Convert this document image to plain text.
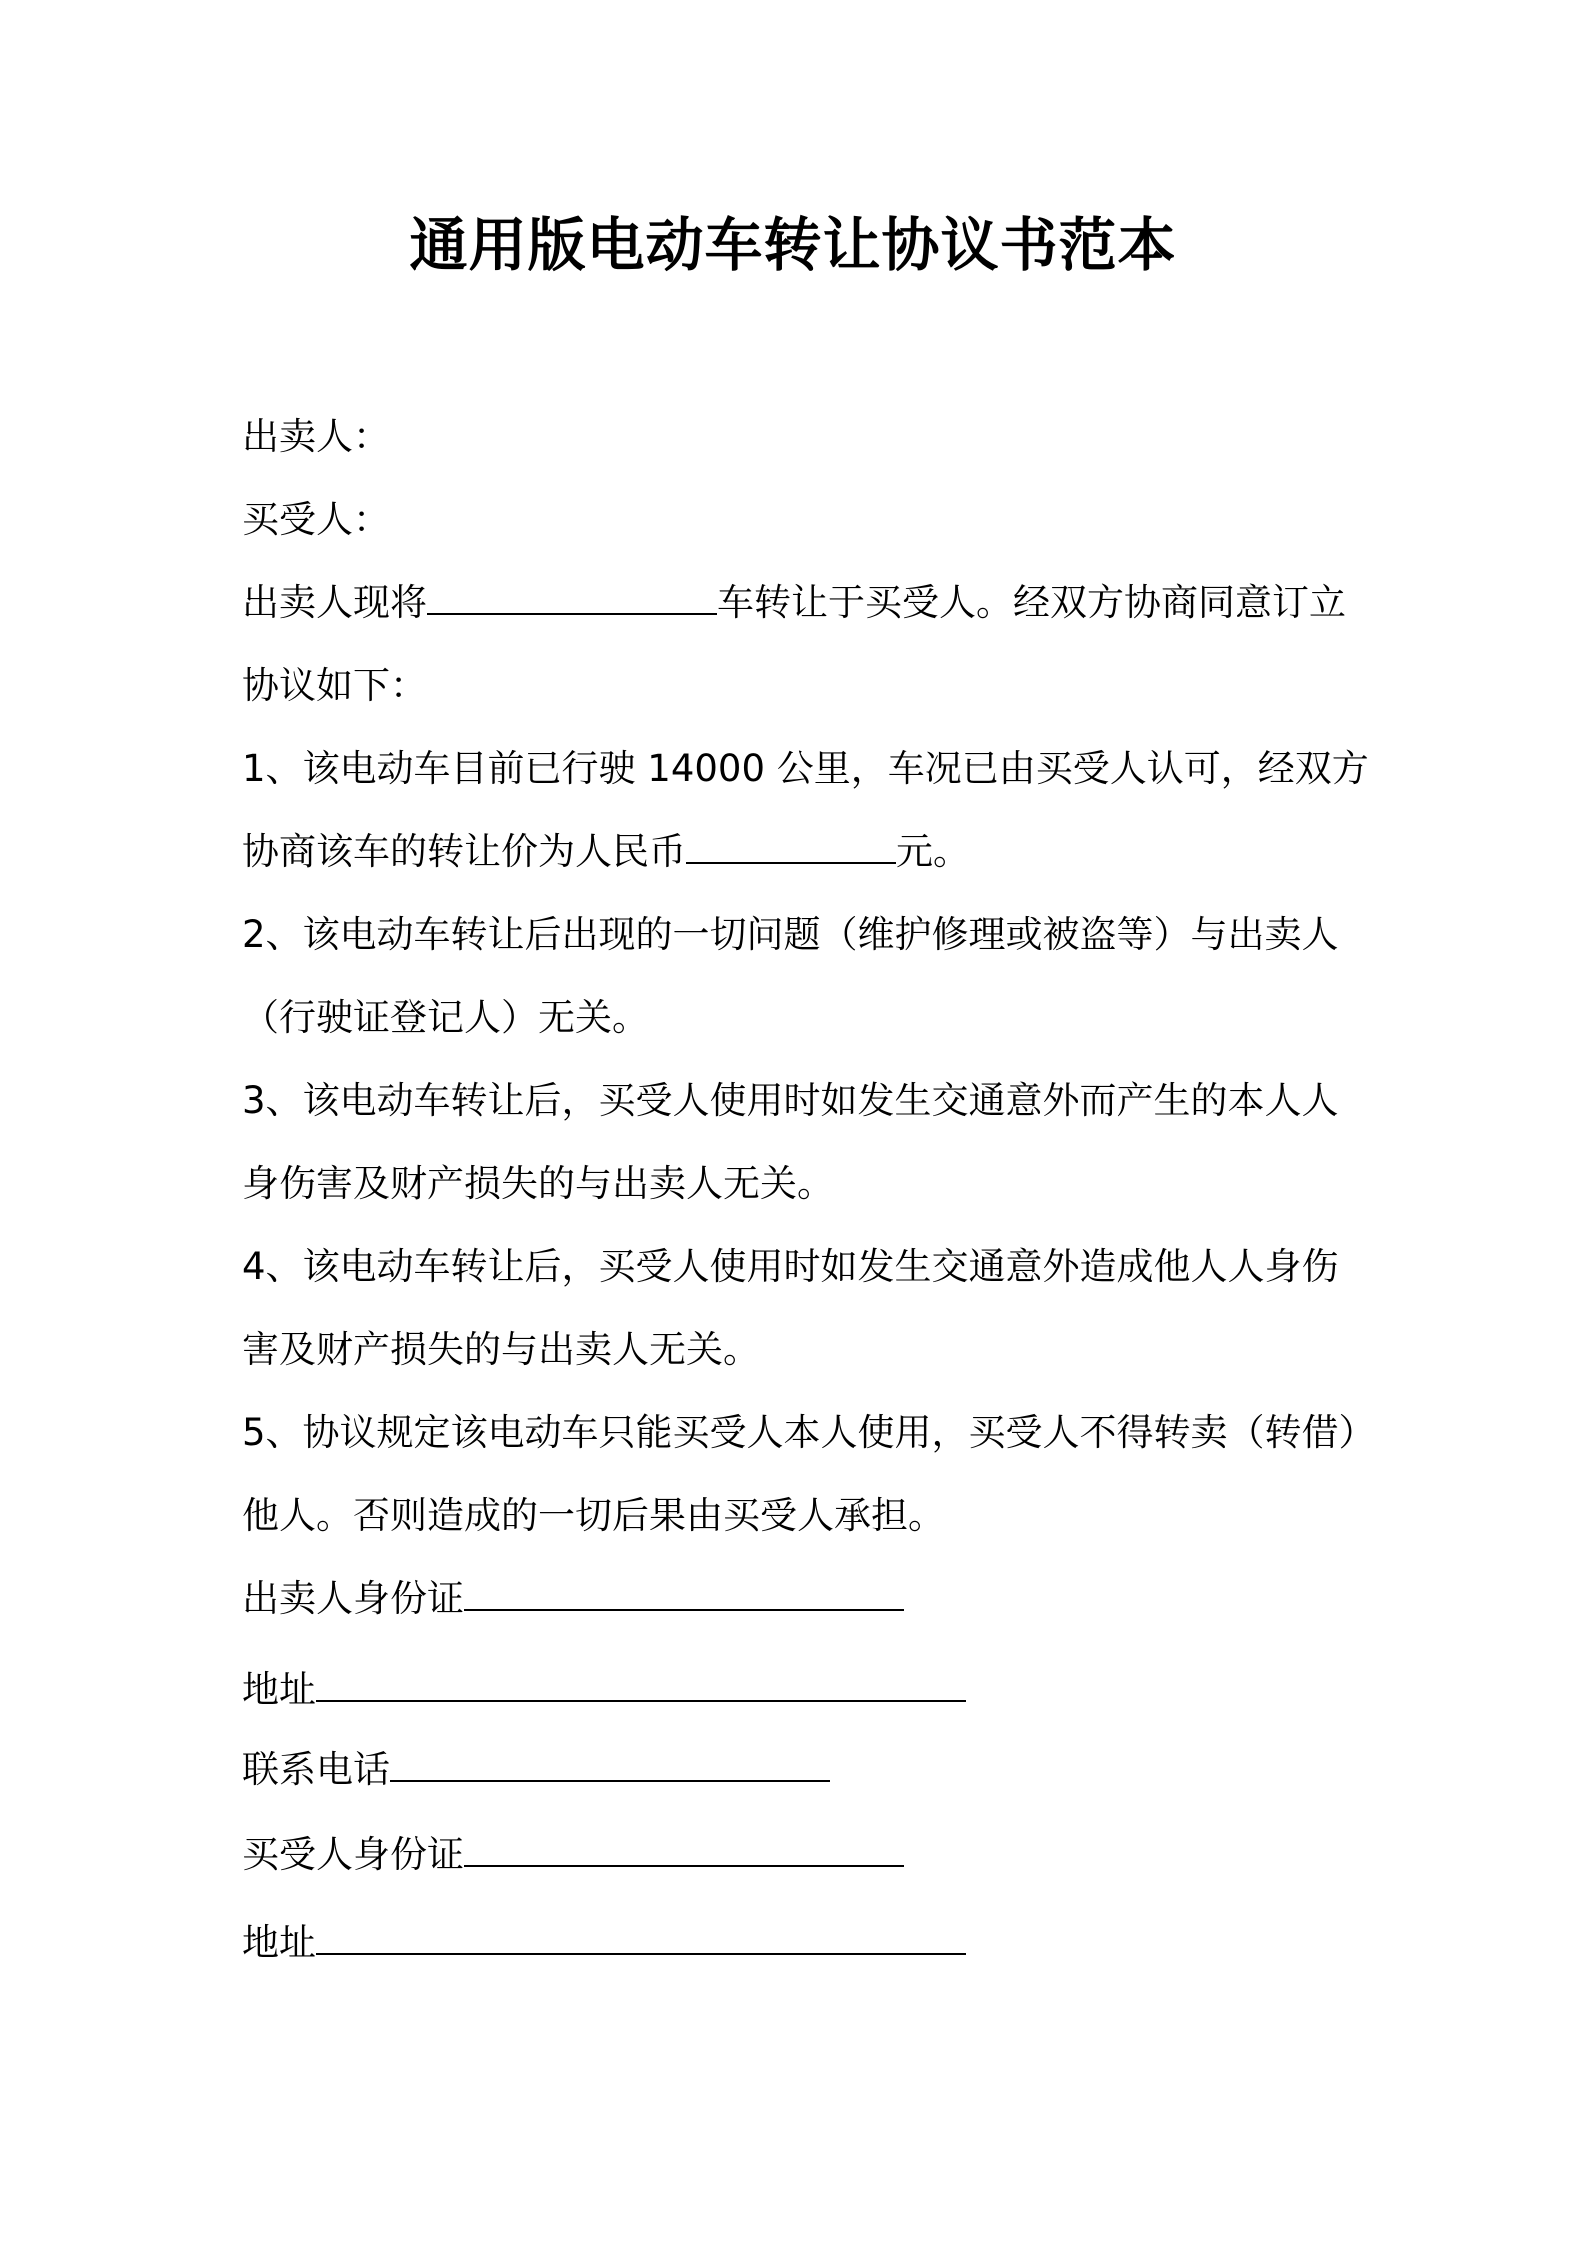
通用版电动车转让协议书范本
出卖人：
买受人：
出卖人现将	车转让于买受人。经双方协商同意订立
协议如下：
1、该电动车目前已行驶 14000 公里，车况已由买受人认可，经双方
协商该车的转让价为人民币	元。
2、该电动车转让后出现的一切问题（维护修理或被盗等）与出卖人
（行驶证登记人）无关。
3、该电动车转让后，买受人使用时如发生交通意外而产生的本人人
身伤害及财产损失的与出卖人无关。
4、该电动车转让后，买受人使用时如发生交通意外造成他人人身伤
害及财产损失的与出卖人无关。
5、协议规定该电动车只能买受人本人使用，买受人不得转卖（转借）
他人。否则造成的一切后果由买受人承担。
出卖人身份证
地址
联系电话
买受人身份证
地址
